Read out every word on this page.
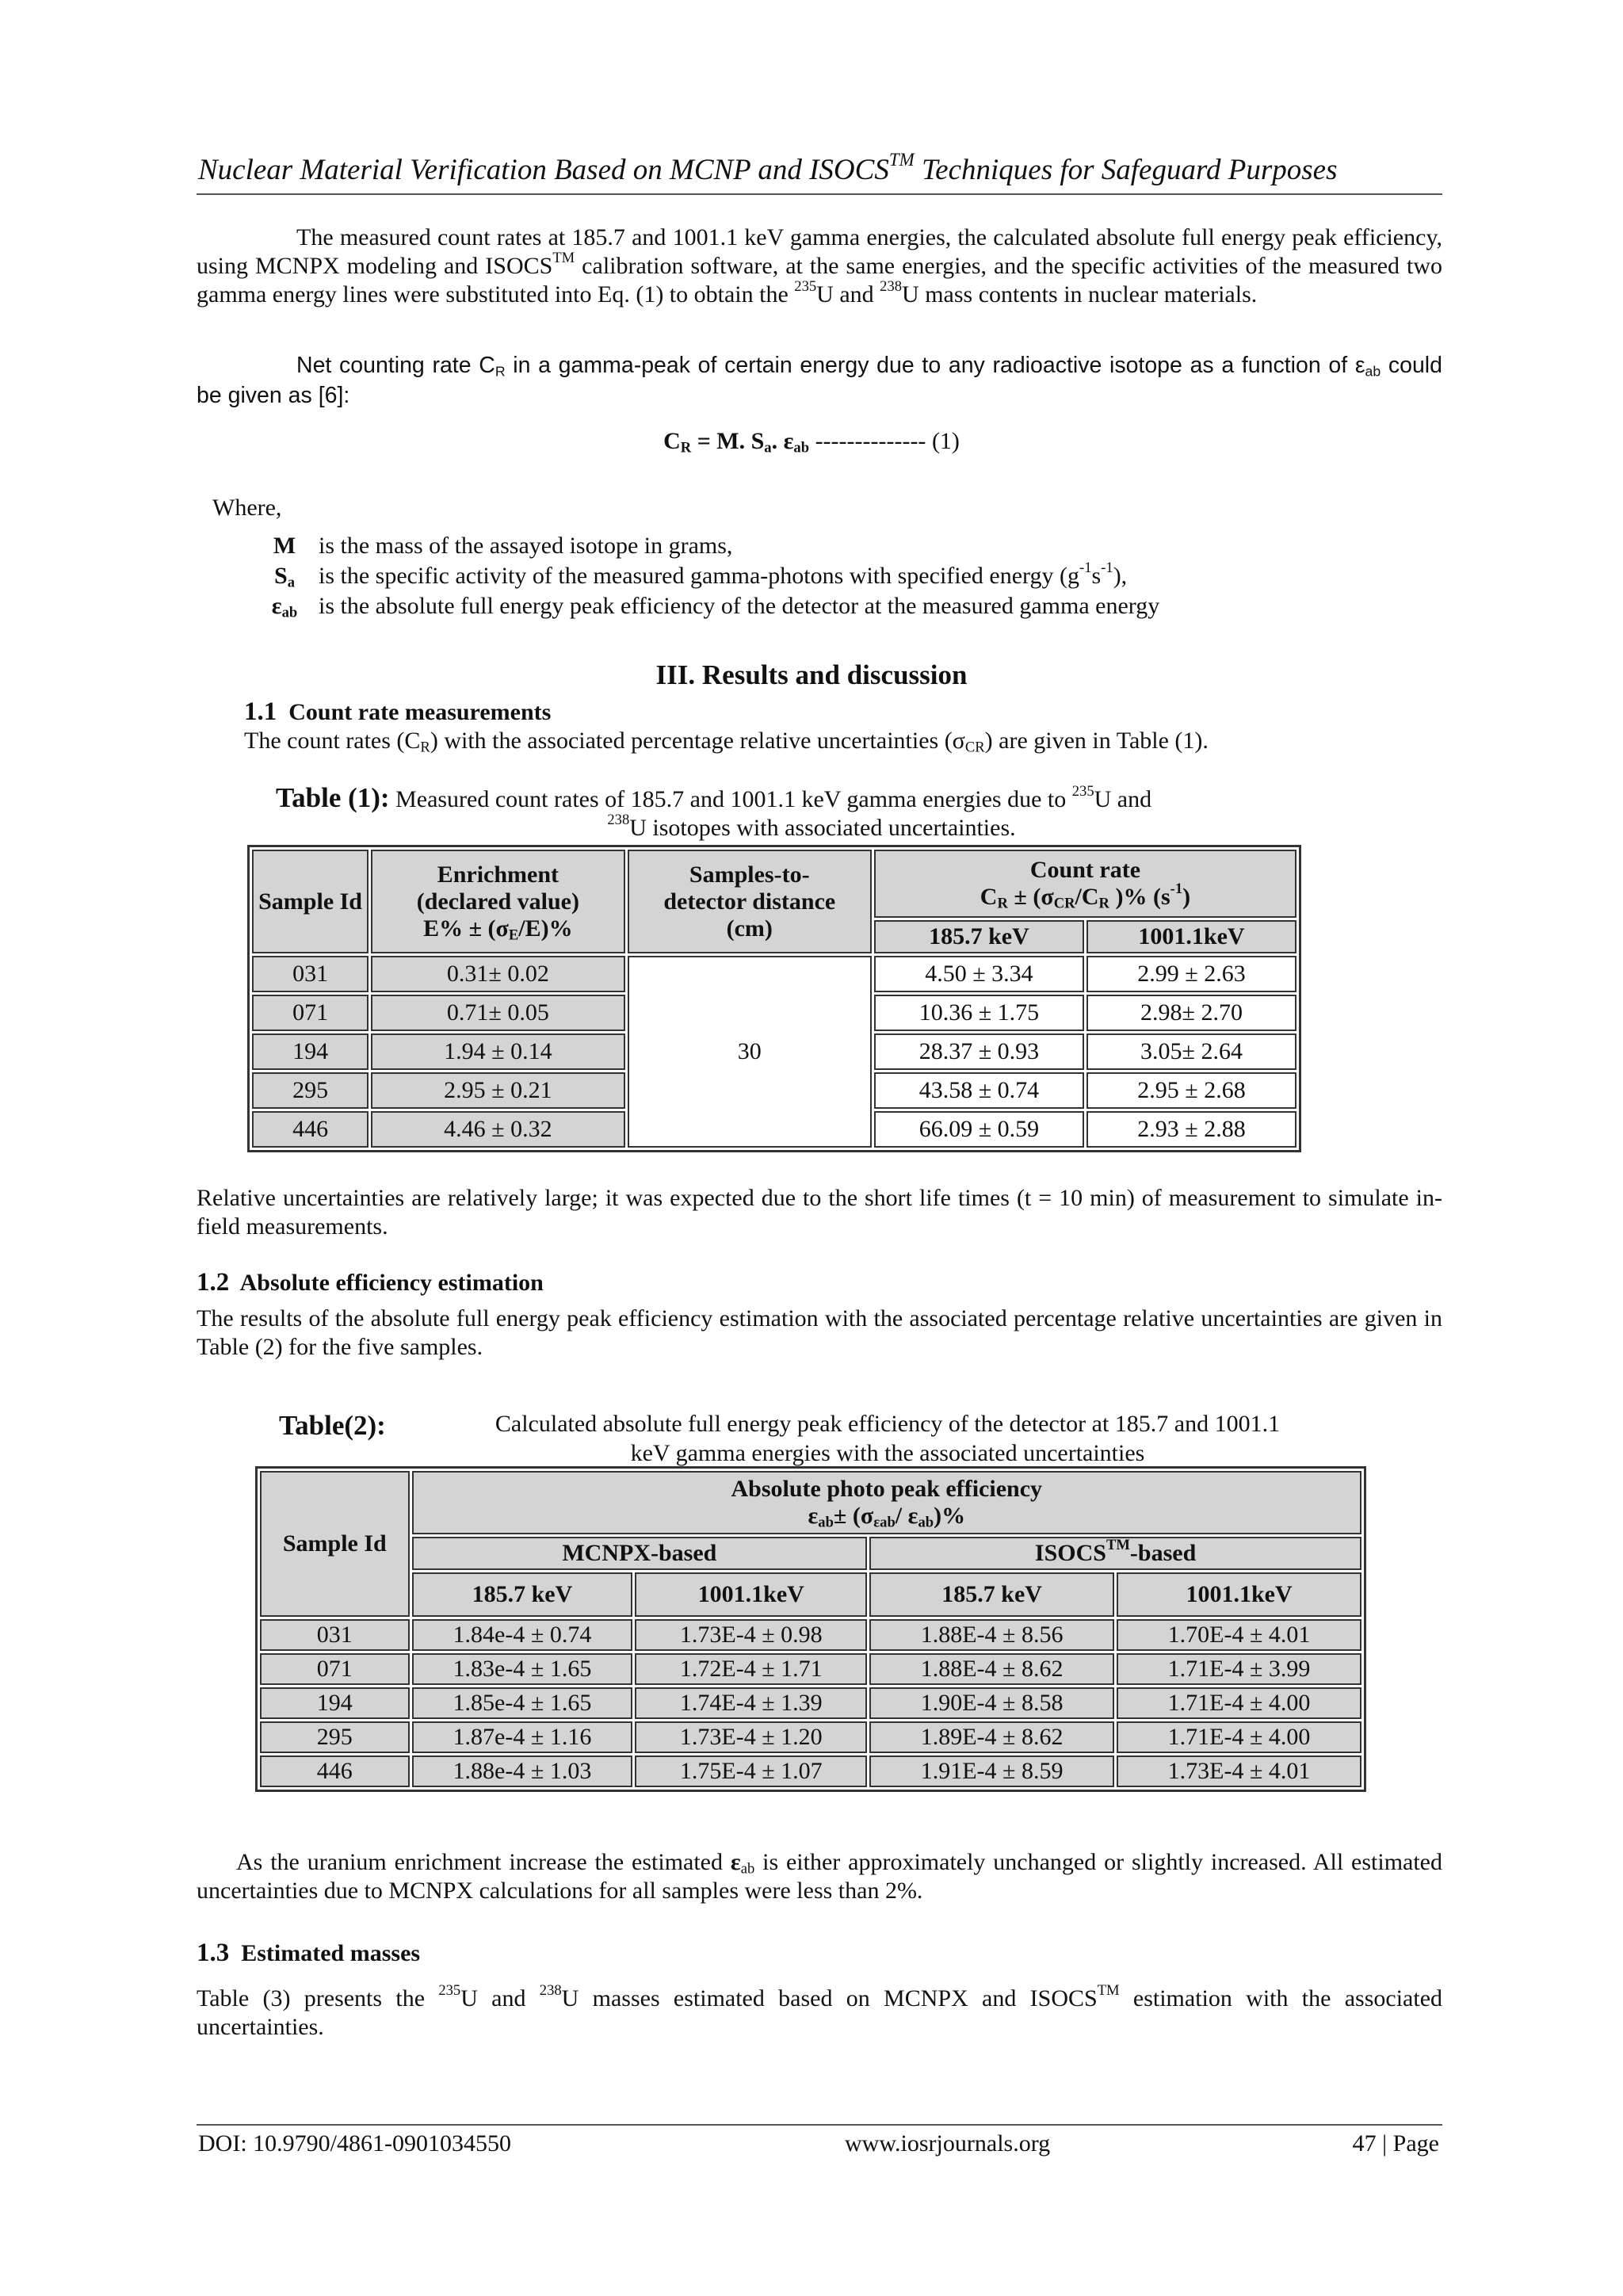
Nuclear Material Verification Based on MCNP and ISOCS™ Techniques for Safeguard Purposes
The measured count rates at 185.7 and 1001.1 keV gamma energies, the calculated absolute full energy peak efficiency, using MCNPX modeling and ISOCS™ calibration software, at the same energies, and the specific activities of the measured two gamma energy lines were substituted into Eq. (1) to obtain the $^{235}$U and $^{238}$U mass contents in nuclear materials.
Net counting rate $C_R$ in a gamma-peak of certain energy due to any radioactive isotope as a function of $\varepsilon_{ab}$ could be given as [6]:
$C_R = M$. $S_a$. $\varepsilon_{ab}$ -------------- (1)
Where,
M	is the mass of the assayed isotope in grams,
$S_a$	is the specific activity of the measured gamma-photons with specified energy $(g^{-1}s^{-1})$,
$\varepsilon_{ab}$	is the absolute full energy peak efficiency of the detector at the measured gamma energy
III. Results and discussion
1.1 Count rate measurements
The count rates $(C_R)$ with the associated percentage relative uncertainties $(\sigma_{CR})$ are given in Table (1).
Table (1): Measured count rates of 185.7 and 1001.1 keV gamma energies due to $^{235}$U and
$^{238}$U isotopes with associated uncertainties.
Sample Id	Enrichment
(declared value)
$E\% \pm (\sigma_E/E)\%$	Samples-to-
detector distance
(cm)	Count rate
$C_R \pm (\sigma_{CR}/C_R$ )% $(s^{-1})$	
			185.7 keV	1001.1keV
031	0.31± 0.02	30	4.50 ± 3.34	2.99 ± 2.63
071	0.71± 0.05		10.36 ± 1.75	2.98± 2.70
194	1.94 ± 0.14		28.37 ± 0.93	3.05± 2.64
295	2.95 ± 0.21		43.58 ± 0.74	2.95 ± 2.68
446	4.46 ± 0.32		66.09 ± 0.59	2.93 ± 2.88
Relative uncertainties are relatively large; it was expected due to the short life times (t = 10 min) of measurement to simulate in-field measurements.
1.2 Absolute efficiency estimation
The results of the absolute full energy peak efficiency estimation with the associated percentage relative uncertainties are given in Table (2) for the five samples.
Table(2):	Calculated absolute full energy peak efficiency of the detector at 185.7 and 1001.1
keV gamma energies with the associated uncertainties
Sample Id	Absolute photo peak efficiency
$\varepsilon_{ab}\pm (\sigma_{\varepsilon ab}/$ $\varepsilon_{ab})\%$			
	MCNPX-based		ISOCS™-based	
	185.7 keV	1001.1keV	185.7 keV	1001.1keV
031	1.84e-4 ± 0.74	1.73E-4 ± 0.98	1.88E-4 ± 8.56	1.70E-4 ± 4.01
071	1.83e-4 ± 1.65	1.72E-4 ± 1.71	1.88E-4 ± 8.62	1.71E-4 ± 3.99
194	1.85e-4 ± 1.65	1.74E-4 ± 1.39	1.90E-4 ± 8.58	1.71E-4 ± 4.00
295	1.87e-4 ± 1.16	1.73E-4 ± 1.20	1.89E-4 ± 8.62	1.71E-4 ± 4.00
446	1.88e-4 ± 1.03	1.75E-4 ± 1.07	1.91E-4 ± 8.59	1.73E-4 ± 4.01
As the uranium enrichment increase the estimated $\varepsilon_{ab}$ is either approximately unchanged or slightly increased. All estimated uncertainties due to MCNPX calculations for all samples were less than 2%.
1.3 Estimated masses
Table (3) presents the $^{235}$U and $^{238}$U masses estimated based on MCNPX and ISOCS™ estimation with the associated uncertainties.
DOI: 10.9790/4861-0901034550	www.iosrjournals.org	47 | Page
